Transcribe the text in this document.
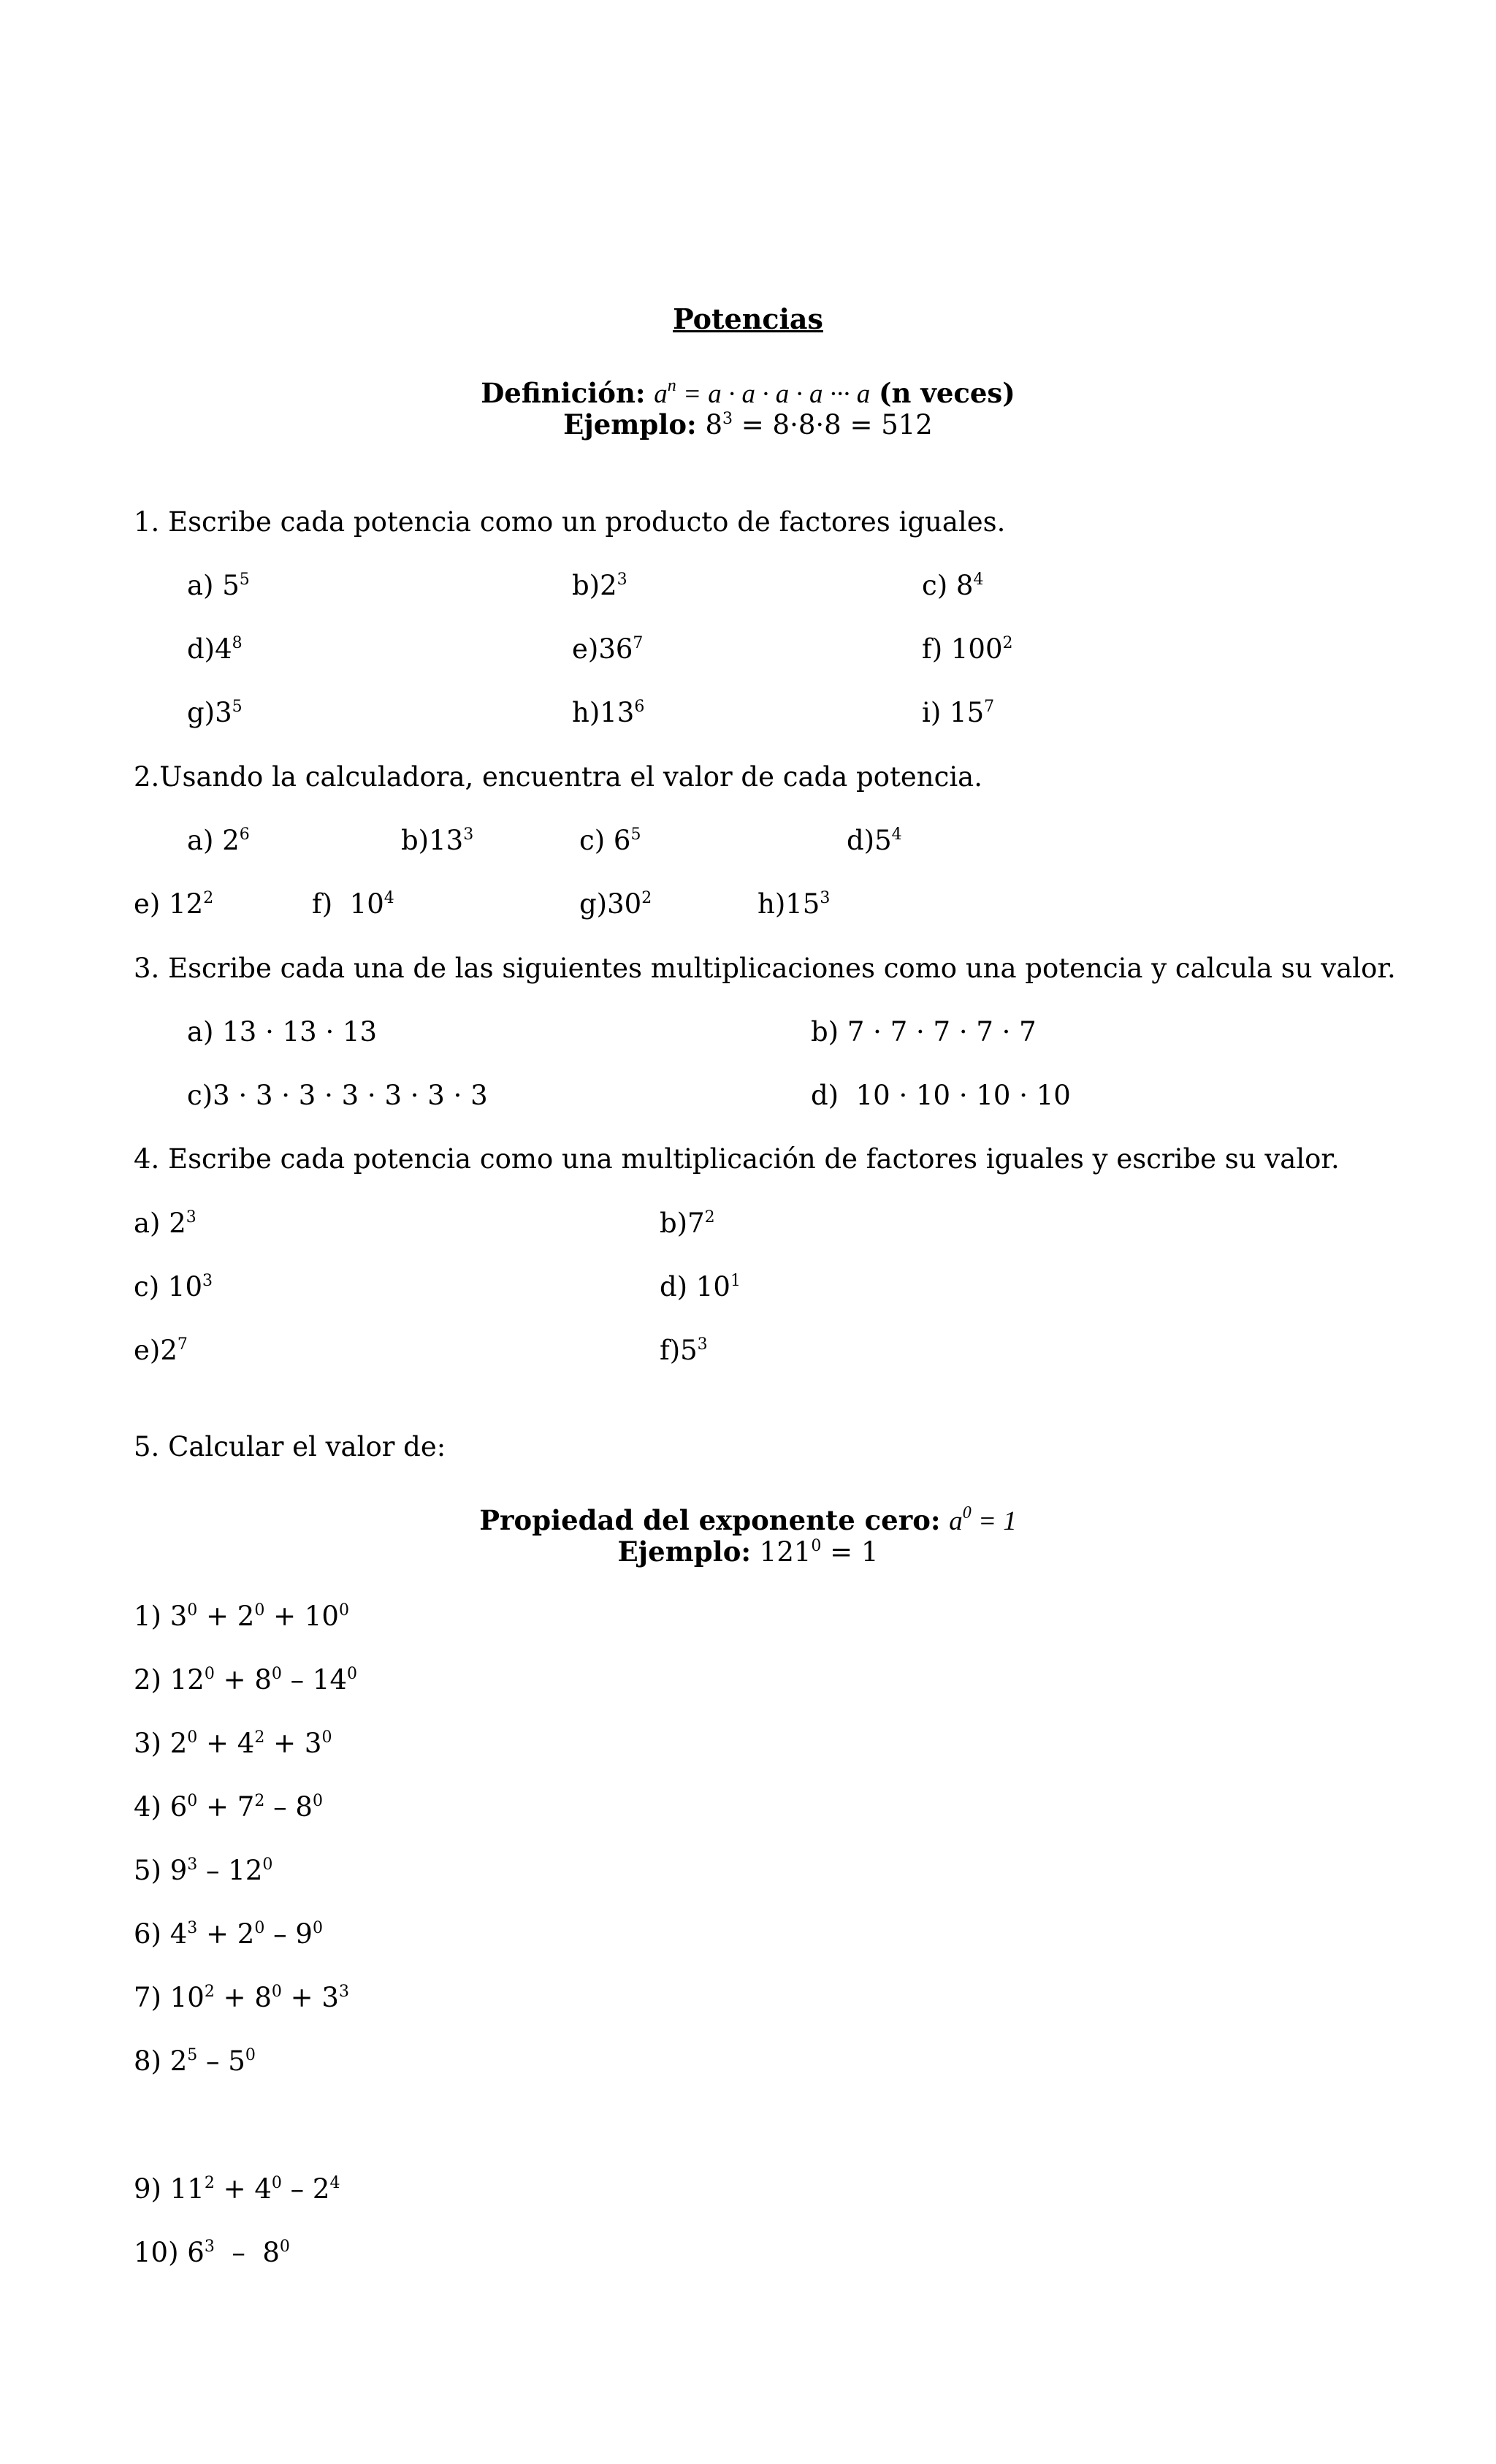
Potencias
Definición: $a^n = a \cdot a \cdot a \cdot a$ ··· a (n veces)
Ejemplo: $8^3 = 8\cdot 8\cdot 8 = 512$
1. Escribe cada potencia como un producto de factores iguales.
a) $5^5$	$b)2^3$	c) $8^4$
$d)4^8$	$e)36^7$	f) $100^2$
$g)3^5$	$h)13^6$	i) $15^7$
2.Usando la calculadora, encuentra el valor de cada potencia.
a) $2^6$	$b)13^3$	c) $6^5$	$d)5^4$
e) $12^2$	f)  $10^4$	$g)30^2$	$h)15^3$
3. Escribe cada una de las siguientes multiplicaciones como una potencia y calcula su valor.
a) 13 · 13 · 13	b) 7 · 7 · 7 · 7 · 7
c)3 · 3 · 3 · 3 · 3 · 3 · 3	d)  10 · 10 · 10 · 10
4. Escribe cada potencia como una multiplicación de factores iguales y escribe su valor.
a) $2^3$	$b)7^2$
c) $10^3$	d) $10^1$
$e)2^7$	$f)5^3$
5. Calcular el valor de:
Propiedad del exponente cero: $a^0 = 1$
Ejemplo: $121^0 = 1$
1) $3^0 + 2^0 + 10^0$
2) $12^0 + 8^0 - 14^0$
3) $2^0 + 4^2 + 3^0$
4) $6^0 + 7^2 - 8^0$
5) $9^3 - 12^0$
6) $4^3 + 2^0 - 9^0$
7) $10^2 + 8^0 + 3^3$
8) $2^5 - 5^0$
9) $11^2 + 4^0 - 2^4$
10) $6^3 - 8^0$
